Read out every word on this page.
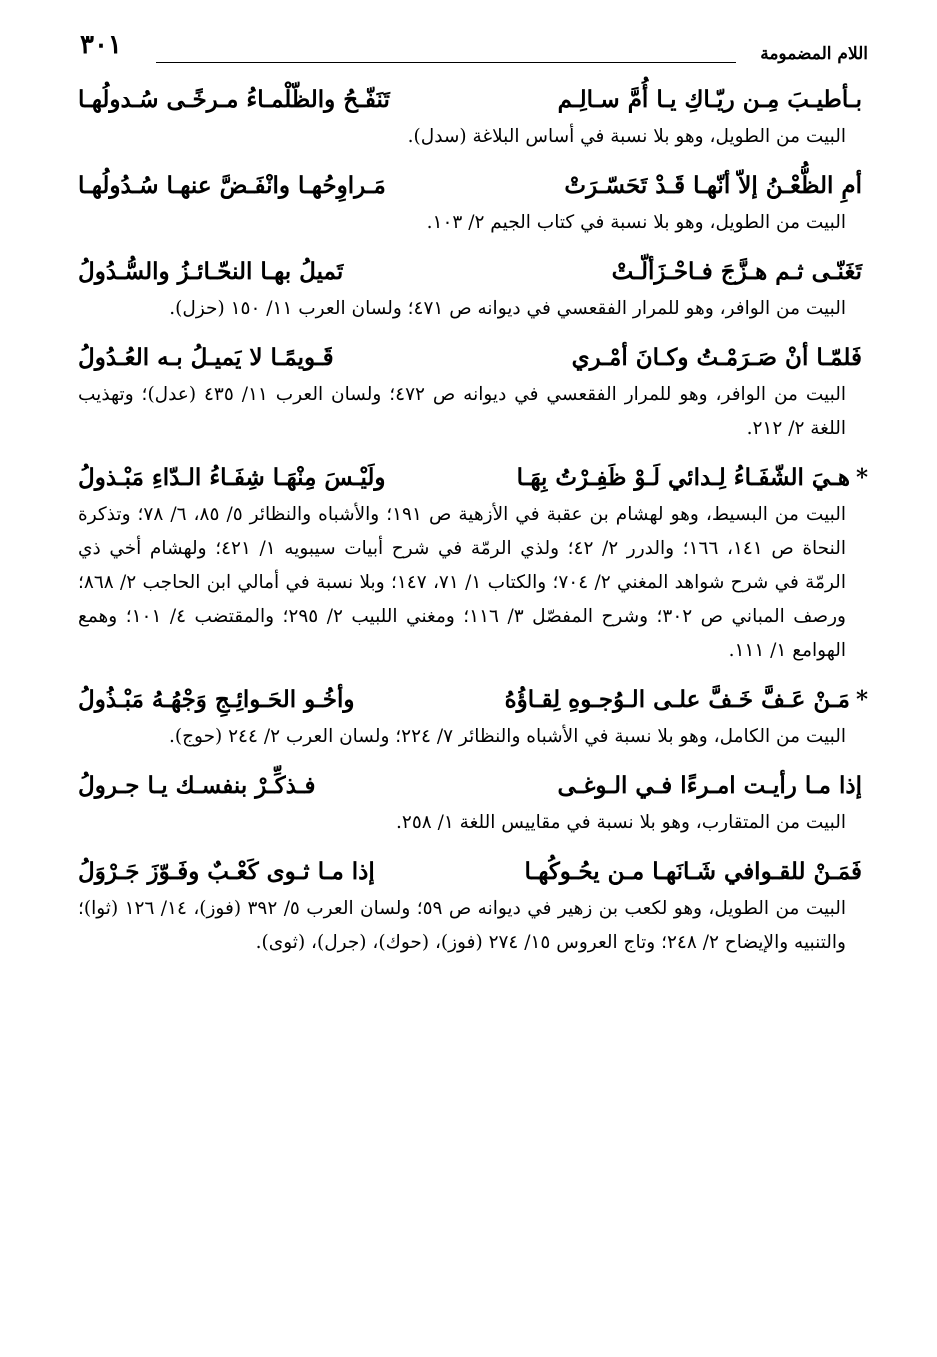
اللام المضمومة
٣٠١
بـأطيـبَ مِـن ريّـاكِ يـا أُمَّ سـالِـم
تَنَفّـحُ والظّلْمـاءُ مـرخًـى سُـدولُهـا
البيت من الطويل، وهو بلا نسبة في أساس البلاغة (سدل).
أمِ الظُّعْـنُ إلاّ أنّهـا قَـدْ تَحَسّـرَتْ
مَـراوِحُهـا وانْفَـضَّ عنهـا سُـدُولُهـا
البيت من الطويل، وهو بلا نسبة في كتاب الجيم ٢/ ١٠٣.
تَغَنّـى ثـم هـزَّجَ فـاحْـزَألّـتْ
تَميلُ بهـا النحّـائـزُ والسُّـدُولُ
البيت من الوافر، وهو للمرار الفقعسي في ديوانه ص ٤٧١؛ ولسان العرب ١١/ ١٥٠ (حزل).
فَلمّـا أنْ صَـرَمْـتُ وكـانَ أمْـري
قَـويمًـا لا يَميـلُ بـه العُـدُولُ
البيت من الوافر، وهو للمرار الفقعسي في ديوانه ص ٤٧٢؛ ولسان العرب ١١/ ٤٣٥ (عدل)؛ وتهذيب اللغة ٢/ ٢١٢.
*
هـيَ الشّفَـاءُ لِـدائي لَـوْ ظَفِـرْتُ بِهَـا
ولَيْـسَ مِنْهَـا شِفَـاءُ الـدّاءِ مَبْـذولُ
البيت من البسيط، وهو لهشام بن عقبة في الأزهية ص ١٩١؛ والأشباه والنظائر ٥/ ٨٥، ٦/ ٧٨؛ وتذكرة النحاة ص ١٤١، ١٦٦؛ والدرر ٢/ ٤٢؛ ولذي الرمّة في شرح أبيات سيبويه ١/ ٤٢١؛ ولهشام أخي ذي الرمّة في شرح شواهد المغني ٢/ ٧٠٤؛ والكتاب ١/ ٧١، ١٤٧؛ وبلا نسبة في أمالي ابن الحاجب ٢/ ٨٦٨؛ ورصف المباني ص ٣٠٢؛ وشرح المفصّل ٣/ ١١٦؛ ومغني اللبيب ٢/ ٢٩٥؛ والمقتضب ٤/ ١٠١؛ وهمع الهوامع ١/ ١١١.
*
مَـنْ عَـفَّ خَـفَّ علـى الـوُجـوهِ لِقـاؤُهُ
وأخُـو الحَـوائِـجِ وَجْهُـهُ مَبْـذُولُ
البيت من الكامل، وهو بلا نسبة في الأشباه والنظائر ٧/ ٢٢٤؛ ولسان العرب ٢/ ٢٤٤ (حوج).
إذا مـا رأيـت امـرءًا فـي الـوغـى
فـذكِّـرْ بنفسـك يـا جـرولُ
البيت من المتقارب، وهو بلا نسبة في مقاييس اللغة ١/ ٢٥٨.
فَمَـنْ للقـوافي شَـانَهـا مـن يحُـوكُهـا
إذا مـا ثـوى كَعْـبٌ وفَـوّزَ جَـرْوَلُ
البيت من الطويل، وهو لكعب بن زهير في ديوانه ص ٥٩؛ ولسان العرب ٥/ ٣٩٢ (فوز)، ١٤/ ١٢٦ (ثوا)؛ والتنبيه والإيضاح ٢/ ٢٤٨؛ وتاج العروس ١٥/ ٢٧٤ (فوز)، (حوك)، (جرل)، (ثوى).
